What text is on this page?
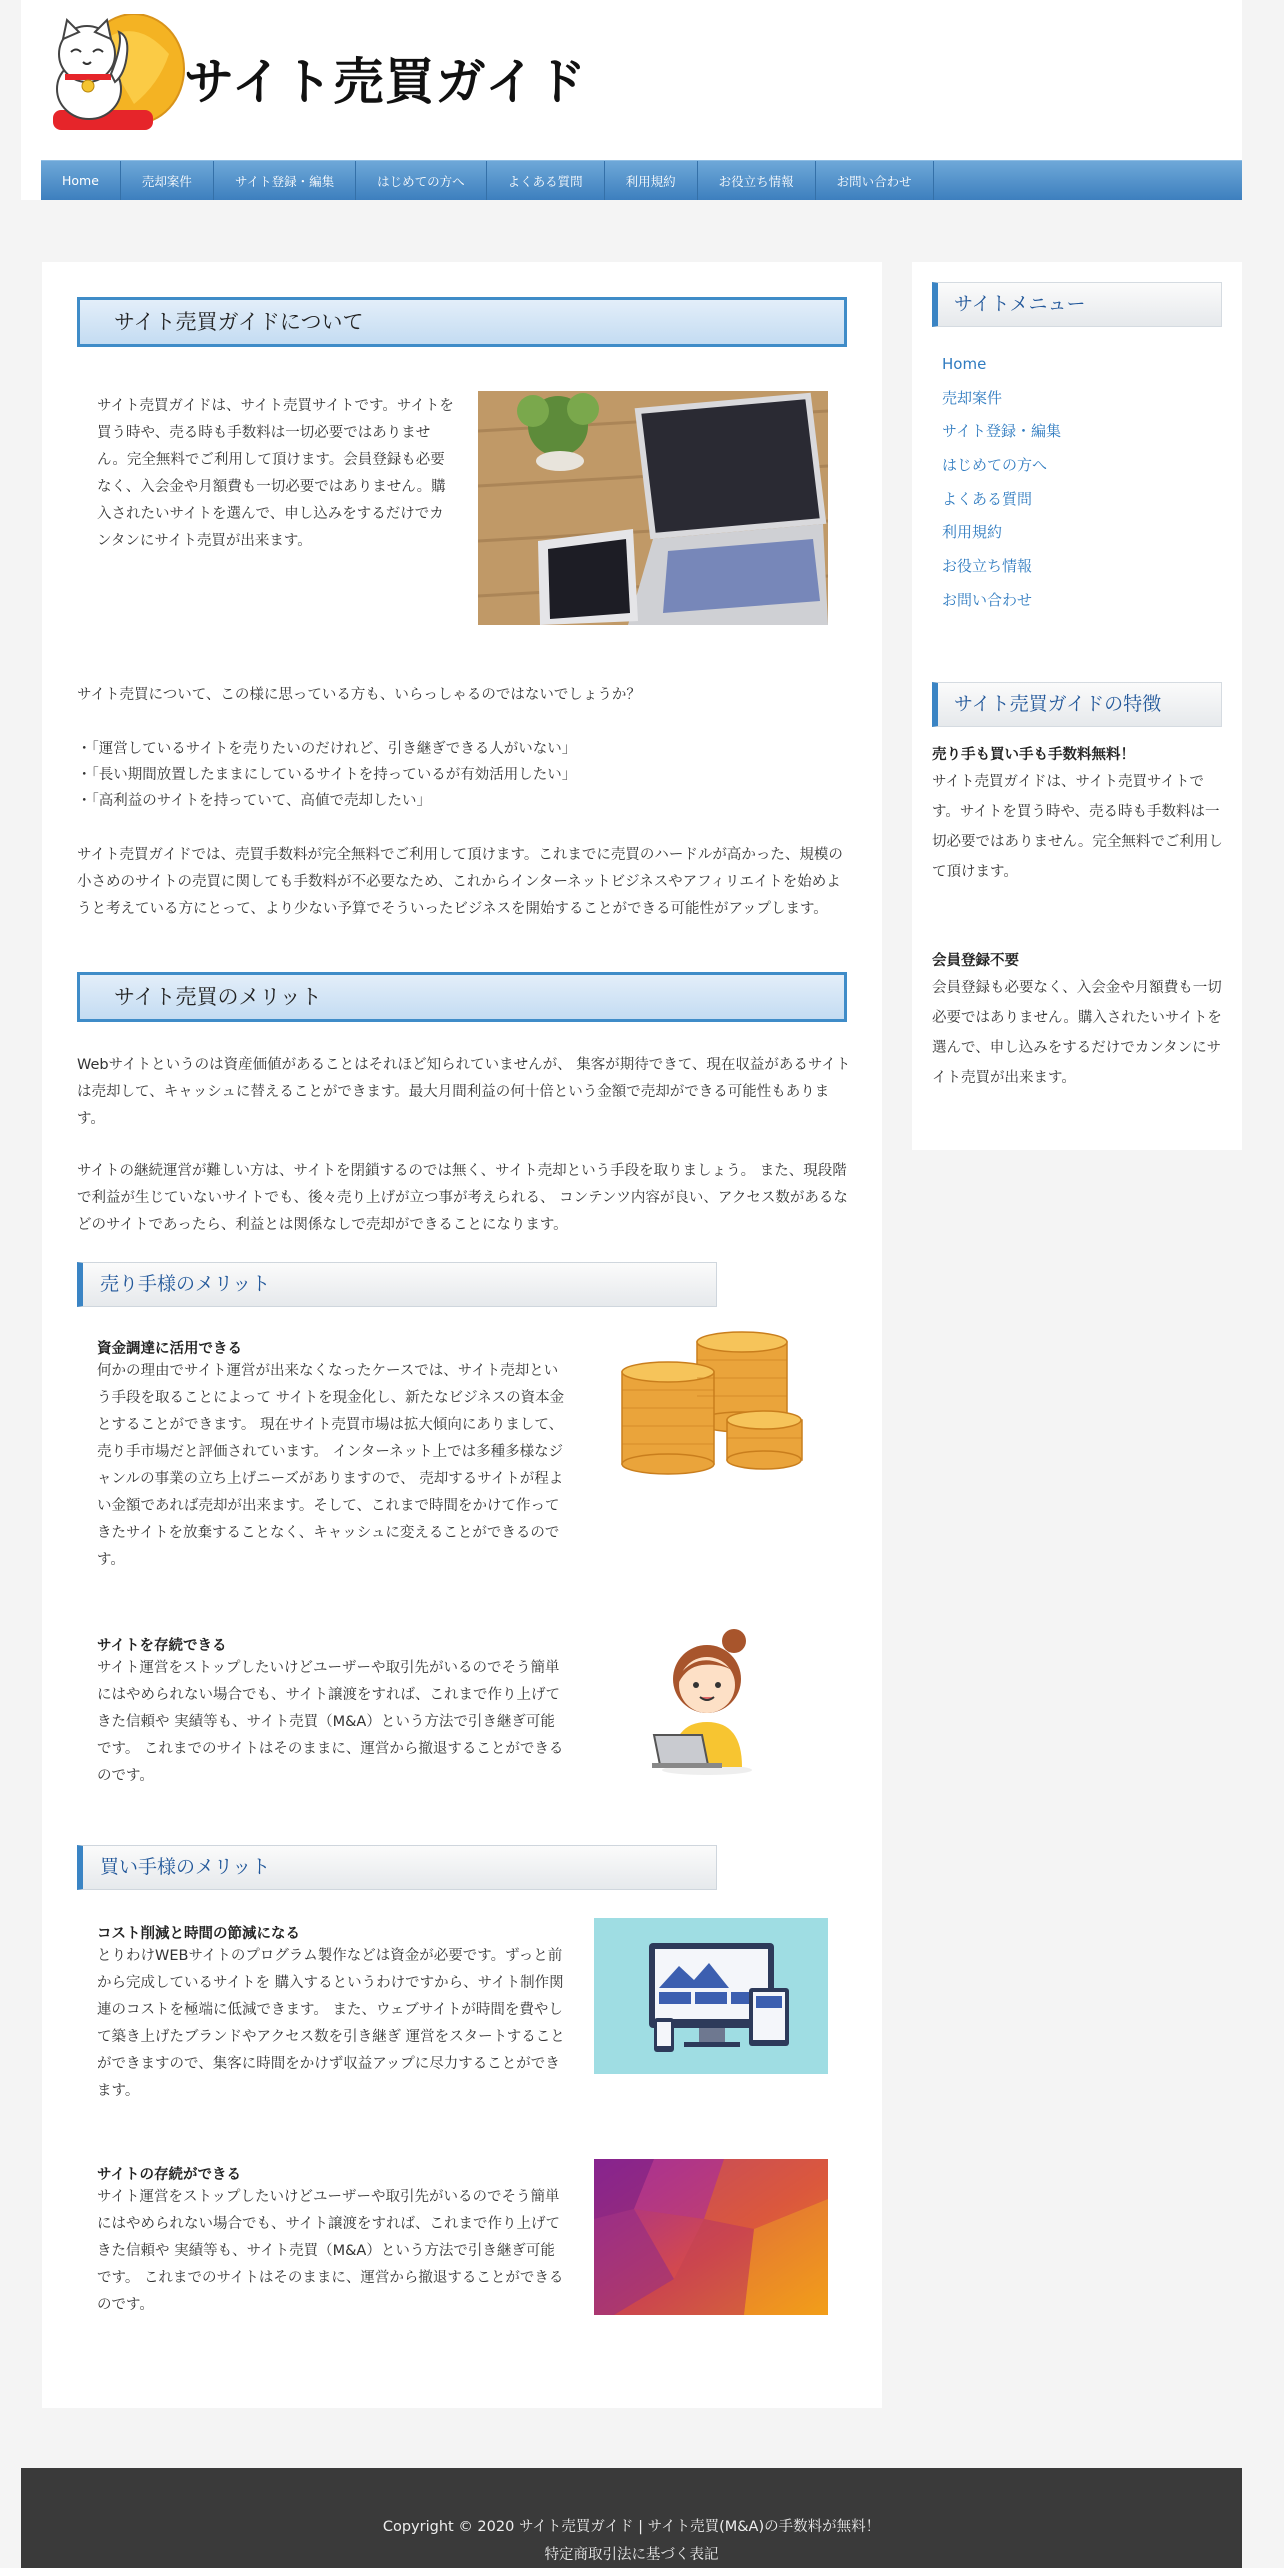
サイト売買ガイド
Home	売却案件	サイト登録・編集	はじめての方へ	よくある質問	利用規約	お役立ち情報	お問い合わせ
サイト売買ガイドについて
サイト売買ガイドは、サイト売買サイトです。サイトを買う時や、売る時も手数料は一切必要ではありません。完全無料でご利用して頂けます。会員登録も必要なく、入会金や月額費も一切必要ではありません。購入されたいサイトを選んで、申し込みをするだけでカンタンにサイト売買が出来ます。
サイト売買について、この様に思っている方も、いらっしゃるのではないでしょうか？
・「運営しているサイトを売りたいのだけれど、引き継ぎできる人がいない」
・「長い期間放置したままにしているサイトを持っているが有効活用したい」
・「高利益のサイトを持っていて、高値で売却したい」
サイト売買ガイドでは、売買手数料が完全無料でご利用して頂けます。これまでに売買のハードルが高かった、規模の小さめのサイトの売買に関しても手数料が不必要なため、これからインターネットビジネスやアフィリエイトを始めようと考えている方にとって、より少ない予算でそういったビジネスを開始することができる可能性がアップします。
サイト売買のメリット
Webサイトというのは資産価値があることはそれほど知られていませんが、 集客が期待できて、現在収益があるサイトは売却して、キャッシュに替えることができます。最大月間利益の何十倍という金額で売却ができる可能性もあります。
サイトの継続運営が難しい方は、サイトを閉鎖するのでは無く、サイト売却という手段を取りましょう。 また、現段階で利益が生じていないサイトでも、後々売り上げが立つ事が考えられる、 コンテンツ内容が良い、アクセス数があるなどのサイトであったら、利益とは関係なしで売却ができることになります。
売り手様のメリット
資金調達に活用できる
何かの理由でサイト運営が出来なくなったケースでは、サイト売却という手段を取ることによって サイトを現金化し、新たなビジネスの資本金とすることができます。 現在サイト売買市場は拡大傾向にありまして、売り手市場だと評価されています。 インターネット上では多種多様なジャンルの事業の立ち上げニーズがありますので、 売却するサイトが程よい金額であれば売却が出来ます。そして、これまで時間をかけて作ってきたサイトを放棄することなく、キャッシュに変えることができるのです。
サイトを存続できる
サイト運営をストップしたいけどユーザーや取引先がいるのでそう簡単にはやめられない場合でも、サイト譲渡をすれば、これまで作り上げてきた信頼や 実績等も、サイト売買（M&A）という方法で引き継ぎ可能です。 これまでのサイトはそのままに、運営から撤退することができるのです。
買い手様のメリット
コスト削減と時間の節減になる
とりわけWEBサイトのプログラム製作などは資金が必要です。ずっと前から完成しているサイトを 購入するというわけですから、サイト制作関連のコストを極端に低減できます。 また、ウェブサイトが時間を費やして築き上げたブランドやアクセス数を引き継ぎ 運営をスタートすることができますので、集客に時間をかけず収益アップに尽力することができます。
サイトの存続ができる
サイト運営をストップしたいけどユーザーや取引先がいるのでそう簡単にはやめられない場合でも、サイト譲渡をすれば、これまで作り上げてきた信頼や 実績等も、サイト売買（M&A）という方法で引き継ぎ可能です。 これまでのサイトはそのままに、運営から撤退することができるのです。
サイトメニュー
Home
売却案件
サイト登録・編集
はじめての方へ
よくある質問
利用規約
お役立ち情報
お問い合わせ
サイト売買ガイドの特徴
売り手も買い手も手数料無料！
サイト売買ガイドは、サイト売買サイトです。サイトを買う時や、売る時も手数料は一切必要ではありません。完全無料でご利用して頂けます。
会員登録不要
会員登録も必要なく、入会金や月額費も一切必要ではありません。購入されたいサイトを選んで、申し込みをするだけでカンタンにサイト売買が出来ます。
Copyright © 2020 サイト売買ガイド | サイト売買(M&A)の手数料が無料！
特定商取引法に基づく表記
